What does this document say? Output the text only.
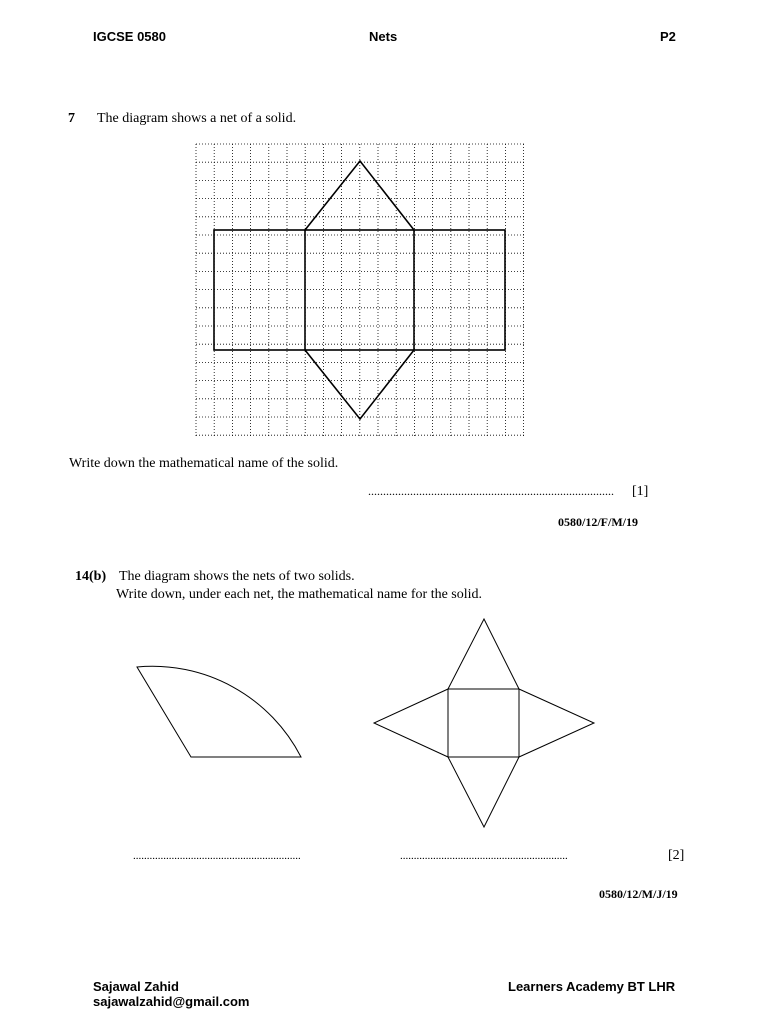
IGCSE 0580	Nets	P2
7 The diagram shows a net of a solid.
Write down the mathematical name of the solid.
.................................................................................. [1]
0580/12/F/M/19
14(b) The diagram shows the nets of two solids.
Write down, under each net, the mathematical name for the solid.
.............................................................	.............................................................	[2]
0580/12/M/J/19
Sajawal Zahid
sajawalzahid@gmail.com
Learners Academy BT LHR
